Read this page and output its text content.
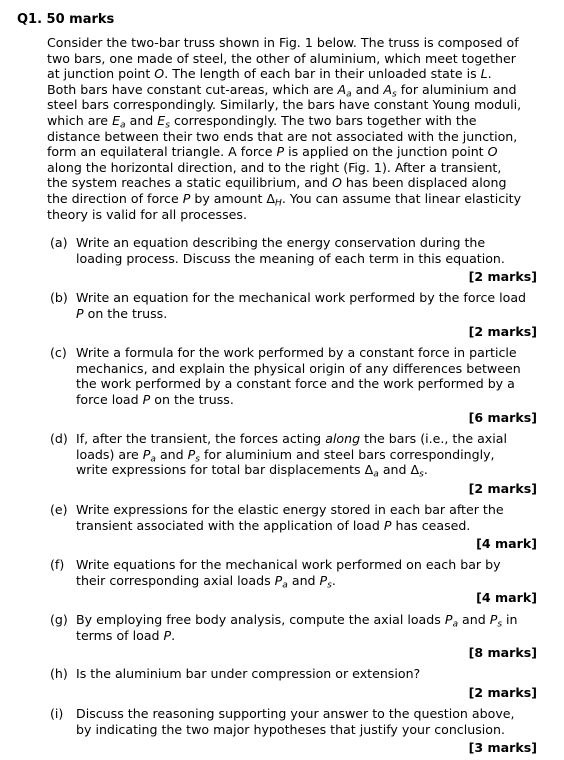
Q1. 50 marks

Consider the two-bar truss shown in Fig. 1 below. The truss is composed of
two bars, one made of steel, the other of aluminium, which meet together
at junction point O. The length of each bar in their unloaded state is L.
Both bars have constant cut-areas, which are $A_a$ and $A_s$ for aluminium and
steel bars correspondingly. Similarly, the bars have constant Young moduli,
which are $E_a$ and $E_s$ correspondingly. The two bars together with the
distance between their two ends that are not associated with the junction,
form an equilateral triangle. A force P is applied on the junction point O
along the horizontal direction, and to the right (Fig. 1). After a transient,
the system reaches a static equilibrium, and O has been displaced along
the direction of force P by amount $\Delta_H$. You can assume that linear elasticity
theory is valid for all processes.

(a) Write an equation describing the energy conservation during the
loading process. Discuss the meaning of each term in this equation.
[2 marks]
(b) Write an equation for the mechanical work performed by the force load
P on the truss.
[2 marks]
(c) Write a formula for the work performed by a constant force in particle
mechanics, and explain the physical origin of any differences between
the work performed by a constant force and the work performed by a
force load P on the truss.
[6 marks]
(d) If, after the transient, the forces acting along the bars (i.e., the axial
loads) are $P_a$ and $P_s$ for aluminium and steel bars correspondingly,
write expressions for total bar displacements $\Delta_a$ and $\Delta_s$.
[2 marks]
(e) Write expressions for the elastic energy stored in each bar after the
transient associated with the application of load P has ceased.
[4 mark]
(f) Write equations for the mechanical work performed on each bar by
their corresponding axial loads $P_a$ and $P_s$.
[4 mark]
(g) By employing free body analysis, compute the axial loads $P_a$ and $P_s$ in
terms of load P.
[8 marks]
(h) Is the aluminium bar under compression or extension?
[2 marks]
(i) Discuss the reasoning supporting your answer to the question above,
by indicating the two major hypotheses that justify your conclusion.
[3 marks]
